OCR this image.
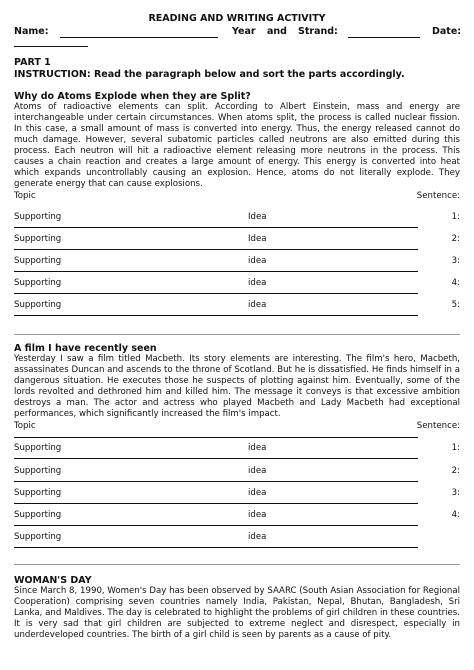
READING AND WRITING ACTIVITY
Name:	Year and Strand:	Date:
PART 1
INSTRUCTION: Read the paragraph below and sort the parts accordingly.
Why do Atoms Explode when they are Split?
Atoms of radioactive elements can split. According to Albert Einstein, mass and energy are interchangeable under certain circumstances. When atoms split, the process is called nuclear fission. In this case, a small amount of mass is converted into energy. Thus, the energy released cannot do much damage. However, several subatomic particles called neutrons are also emitted during this process. Each neutron will hit a radioactive element releasing more neutrons in the process. This causes a chain reaction and creates a large amount of energy. This energy is converted into heat which expands uncontrollably causing an explosion. Hence, atoms do not literally explode. They generate energy that can cause explosions.
Topic	Sentence:
Supporting	Idea	1:
Supporting	Idea	2:
Supporting	idea	3:
Supporting	idea	4:
Supporting	idea	5:
A film I have recently seen
Yesterday I saw a film titled Macbeth. Its story elements are interesting. The film's hero, Macbeth, assassinates Duncan and ascends to the throne of Scotland. But he is dissatisfied. He finds himself in a dangerous situation. He executes those he suspects of plotting against him. Eventually, some of the lords revolted and dethroned him and killed him. The message it conveys is that excessive ambition destroys a man. The actor and actress who played Macbeth and Lady Macbeth had exceptional performances, which significantly increased the film's impact.
Topic	Sentence:
Supporting	idea	1:
Supporting	idea	2:
Supporting	idea	3:
Supporting	idea	4:
Supporting	idea
WOMAN'S DAY
Since March 8, 1990, Women's Day has been observed by SAARC (South Asian Association for Regional Cooperation) comprising seven countries namely India, Pakistan, Nepal, Bhutan, Bangladesh, Sri Lanka, and Maldives. The day is celebrated to highlight the problems of girl children in these countries. It is very sad that girl children are subjected to extreme neglect and disrespect, especially in underdeveloped countries. The birth of a girl child is seen by parents as a cause of pity.
